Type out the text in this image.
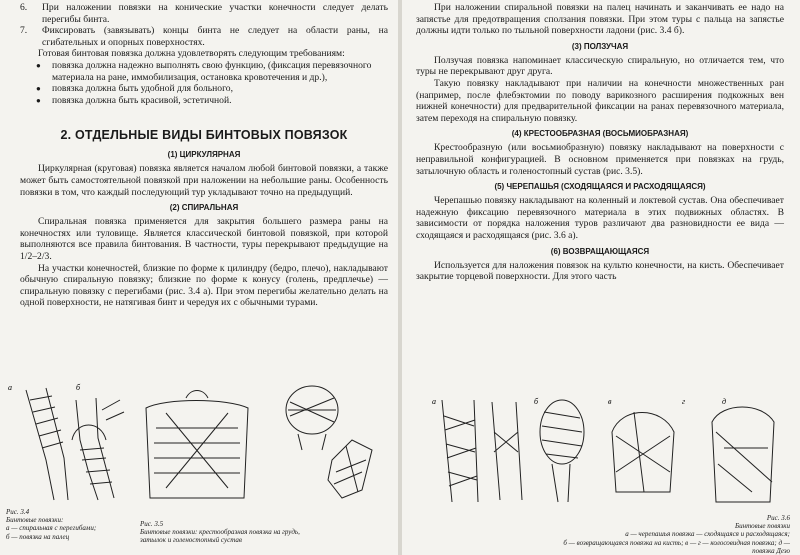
6.	При наложении повязки на конические участки конечности следует делать перегибы бинта.
7.	Фиксировать (завязывать) концы бинта не следует на области раны, на сгибательных и опорных поверхностях.

Готовая бинтовая повязка должна удовлетворять следующим требованиям:

●	повязка должна надежно выполнять свою функцию, (фиксация перевязочного материала на ране, иммобилизация, остановка кровотечения и др.),
●	повязка должна быть удобной для больного,
●	повязка должна быть красивой, эстетичной.
2. ОТДЕЛЬНЫЕ ВИДЫ БИНТОВЫХ ПОВЯЗОК
(1) ЦИРКУЛЯРНАЯ

Циркулярная (круговая) повязка является началом любой бинтовой повязки, а также может быть самостоятельной повязкой при наложении на небольшие раны. Особенность повязки в том, что каждый последующий тур укладывают точно на предыдущий.

(2) СПИРАЛЬНАЯ

Спиральная повязка применяется для закрытия большего размера раны на конечностях или туловище. Является классической бинтовой повязкой, при которой выполняются все правила бинтования. В частности, туры перекрывают предыдущие на 1/2–2/3.

На участки конечностей, близкие по форме к цилиндру (бедро, плечо), накладывают обычную спиральную повязку; близкие по форме к конусу (голень, предплечье) — спиральную повязку с перегибами (рис. 3.4 а). При этом перегибы желательно делать на одной поверхности, не натягивая бинт и чередуя их с обычными турами.

а	б
Рис. 3.4
Бинтовые повязки:
а — спиральная с перегибами;
б — повязка на палец
Рис. 3.5
Бинтовые повязки: крестообразная повязка на грудь,
затылок и голеностопный сустав

При наложении спиральной повязки на палец начинать и заканчивать ее надо на запястье для предотвращения сползания повязки. При этом туры с пальца на запястье должны идти только по тыльной поверхности ладони (рис. 3.4 б).

(3) ПОЛЗУЧАЯ

Ползучая повязка напоминает классическую спиральную, но отличается тем, что туры не перекрывают друг друга.

Такую повязку накладывают при наличии на конечности множественных ран (например, после флебэктомии по поводу варикозного расширения подкожных вен нижней конечности) для предварительной фиксации на ранах перевязочного материала, затем переходя на спиральную повязку.

(4) КРЕСТООБРАЗНАЯ (ВОСЬМИОБРАЗНАЯ)

Крестообразную (или восьмиобразную) повязку накладывают на поверхности с неправильной конфигурацией. В основном применяется при повязках на грудь, затылочную область и голеностопный сустав (рис. 3.5).

(5) ЧЕРЕПАШЬЯ (СХОДЯЩАЯСЯ И РАСХОДЯЩАЯСЯ)

Черепашью повязку накладывают на коленный и локтевой сустав. Она обеспечивает надежную фиксацию перевязочного материала в этих подвижных областях. В зависимости от порядка наложения туров различают два разновидности ее вида — сходящаяся и расходящаяся (рис. 3.6 а).

(6) ВОЗВРАЩАЮЩАЯСЯ

Используется для наложения повязок на культю конечности, на кисть. Обеспечивает закрытие торцевой поверхности. Для этого часть

а	б	в	г	д
Рис. 3.6
Бинтовые повязки
а — черепашья повязка — сходящаяся и расходящаяся;
б — возвращающаяся повязка на кисть; в — г — колосовидная повязка; д — повязка Дезо
